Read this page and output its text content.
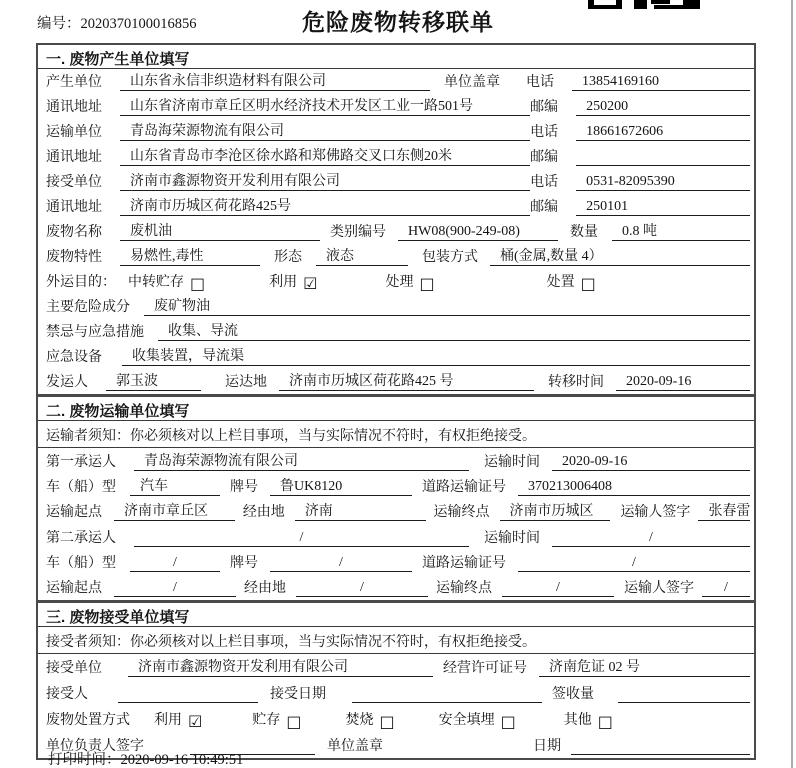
编号：2020370100016856	危险废物转移联单
一. 废物产生单位填写
产生单位	山东省永信非织造材料有限公司	单位盖章 电话	13854169160
通讯地址	山东省济南市章丘区明水经济技术开发区工业一路501号	邮编	250200
运输单位	青岛海荣源物流有限公司	电话	18661672606
通讯地址	山东省青岛市李沧区徐水路和郑佛路交叉口东侧20米	邮编
接受单位	济南市鑫源物资开发利用有限公司	电话	0531-82095390
通讯地址	济南市历城区荷花路425号	邮编	250101
废物名称	废机油	类别编号	HW08(900-249-08)	数量	0.8 吨
废物特性	易燃性,毒性	形态	液态	包装方式	桶(金属,数量 4）
外运目的： 中转贮存 □	利用 ☑	处理 □	处置 □
主要危险成分	废矿物油
禁忌与应急措施	收集、导流
应急设备	收集装置，导流渠
发运人	郭玉波	运达地	济南市历城区荷花路425 号	转移时间	2020-09-16
二. 废物运输单位填写
运输者须知：你必须核对以上栏目事项，当与实际情况不符时，有权拒绝接受。
第一承运人	青岛海荣源物流有限公司	运输时间	2020-09-16
车（船）型	汽车	牌号	鲁UK8120	道路运输证号	370213006408
运输起点	济南市章丘区	经由地	济南	运输终点	济南市历城区	运输人签字	张春雷
第二承运人	/	运输时间	/
车（船）型	/	牌号	/	道路运输证号	/
运输起点	/	经由地	/	运输终点	/	运输人签字	/
三. 废物接受单位填写
接受者须知：你必须核对以上栏目事项，当与实际情况不符时，有权拒绝接受。
接受单位	济南市鑫源物资开发利用有限公司	经营许可证号	济南危证 02 号
接受人	接受日期	签收量
废物处置方式 利用 ☑	贮存 □	焚烧 □	安全填埋 □	其他 □
单位负责人签字	单位盖章	日期
打印时间：2020-09-16 10:49:51
